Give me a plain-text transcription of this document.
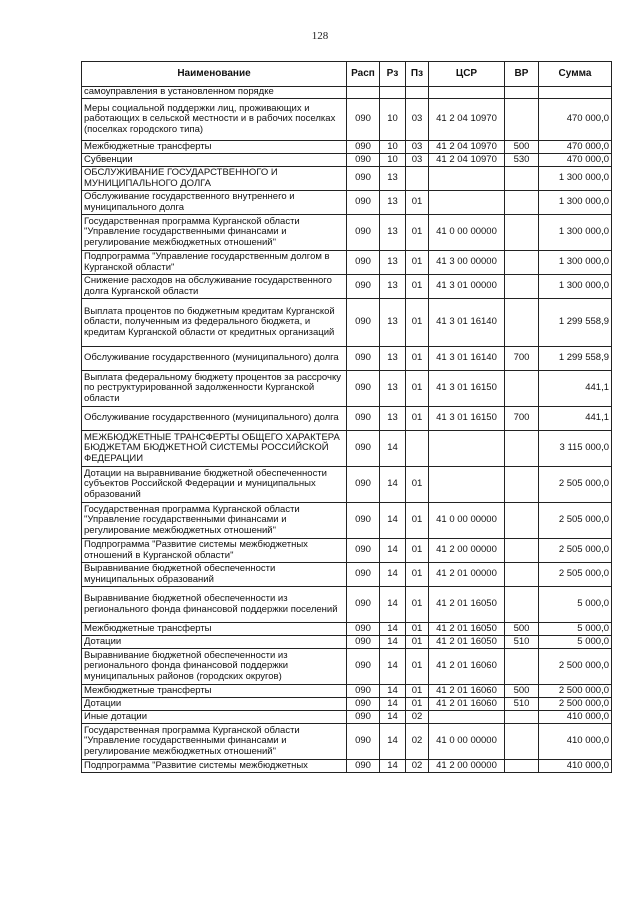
128
Наименование	Расп	Рз	Пз	ЦСР	ВР	Сумма
самоуправления в установленном порядке						
Меры социальной поддержки лиц, проживающих и работающих в сельской местности и в рабочих поселках (поселках городского типа)	090	10	03	41 2 04 10970		470 000,0
Межбюджетные трансферты	090	10	03	41 2 04 10970	500	470 000,0
Субвенции	090	10	03	41 2 04 10970	530	470 000,0
ОБСЛУЖИВАНИЕ ГОСУДАРСТВЕННОГО И МУНИЦИПАЛЬНОГО ДОЛГА	090	13				1 300 000,0
Обслуживание государственного внутреннего и муниципального долга	090	13	01			1 300 000,0
Государственная программа Курганской области "Управление государственными финансами и регулирование межбюджетных отношений"	090	13	01	41 0 00 00000		1 300 000,0
Подпрограмма "Управление государственным долгом в Курганской области"	090	13	01	41 3 00 00000		1 300 000,0
Снижение расходов на обслуживание государственного долга Курганской области	090	13	01	41 3 01 00000		1 300 000,0
Выплата процентов по бюджетным кредитам Курганской области, полученным из федерального бюджета, и кредитам Курганской области от кредитных организаций	090	13	01	41 3 01 16140		1 299 558,9
Обслуживание государственного (муниципального) долга	090	13	01	41 3 01 16140	700	1 299 558,9
Выплата федеральному бюджету процентов за рассрочку по реструктурированной задолженности Курганской области	090	13	01	41 3 01 16150		441,1
Обслуживание государственного (муниципального) долга	090	13	01	41 3 01 16150	700	441,1
МЕЖБЮДЖЕТНЫЕ ТРАНСФЕРТЫ ОБЩЕГО ХАРАКТЕРА БЮДЖЕТАМ БЮДЖЕТНОЙ СИСТЕМЫ РОССИЙСКОЙ ФЕДЕРАЦИИ	090	14				3 115 000,0
Дотации на выравнивание бюджетной обеспеченности субъектов Российской Федерации и муниципальных образований	090	14	01			2 505 000,0
Государственная программа Курганской области "Управление государственными финансами и регулирование межбюджетных отношений"	090	14	01	41 0 00 00000		2 505 000,0
Подпрограмма "Развитие системы межбюджетных отношений в Курганской области"	090	14	01	41 2 00 00000		2 505 000,0
Выравнивание бюджетной обеспеченности муниципальных образований	090	14	01	41 2 01 00000		2 505 000,0
Выравнивание бюджетной обеспеченности из регионального фонда финансовой поддержки поселений	090	14	01	41 2 01 16050		5 000,0
Межбюджетные трансферты	090	14	01	41 2 01 16050	500	5 000,0
Дотации	090	14	01	41 2 01 16050	510	5 000,0
Выравнивание бюджетной обеспеченности из регионального фонда финансовой поддержки муниципальных районов (городских округов)	090	14	01	41 2 01 16060		2 500 000,0
Межбюджетные трансферты	090	14	01	41 2 01 16060	500	2 500 000,0
Дотации	090	14	01	41 2 01 16060	510	2 500 000,0
Иные дотации	090	14	02			410 000,0
Государственная программа Курганской области "Управление государственными финансами и регулирование межбюджетных отношений"	090	14	02	41 0 00 00000		410 000,0
Подпрограмма "Развитие системы межбюджетных	090	14	02	41 2 00 00000		410 000,0
